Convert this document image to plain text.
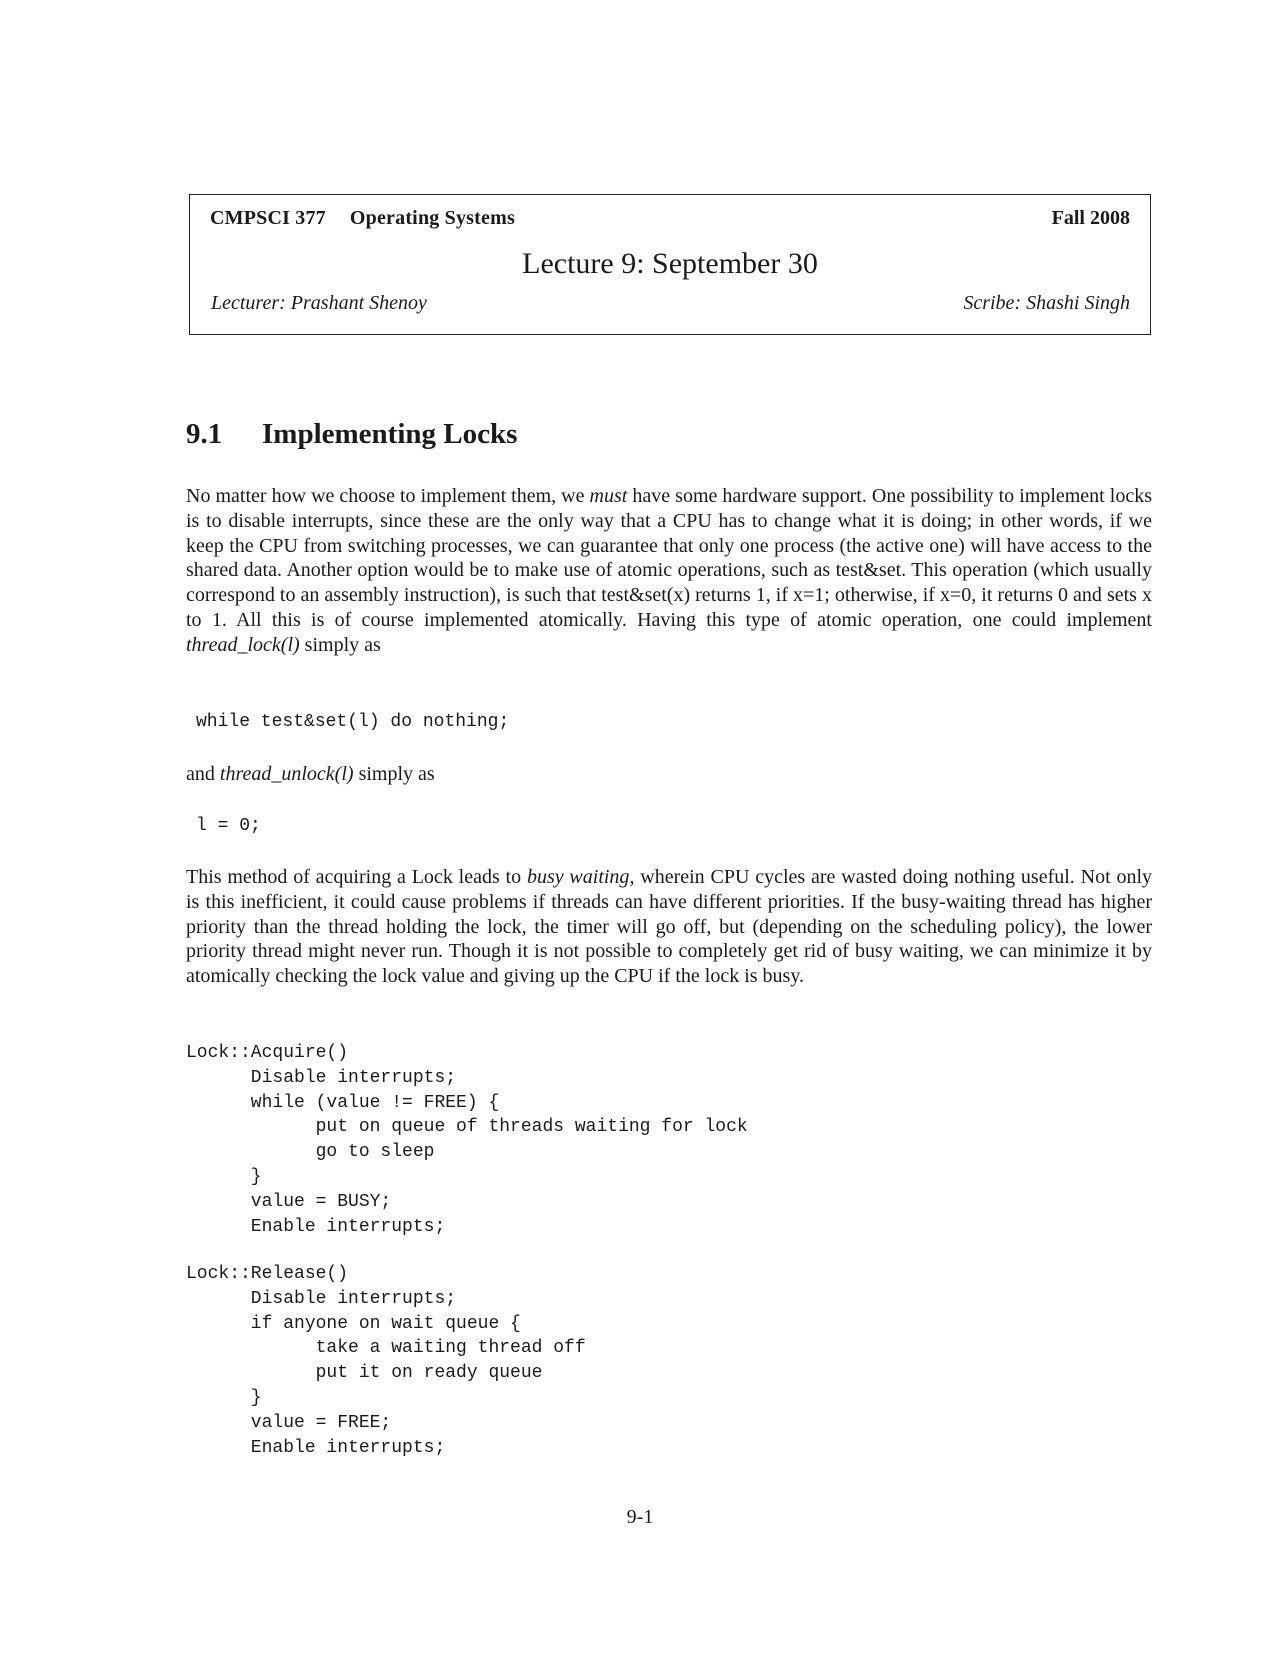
CMPSCI 377 Operating Systems	Fall 2008
Lecture 9: September 30
Lecturer: Prashant Shenoy	Scribe: Shashi Singh
9.1 Implementing Locks

No matter how we choose to implement them, we must have some hardware support. One possibility to implement locks is to disable interrupts, since these are the only way that a CPU has to change what it is doing; in other words, if we keep the CPU from switching processes, we can guarantee that only one process (the active one) will have access to the shared data. Another option would be to make use of atomic operations, such as test&set. This operation (which usually correspond to an assembly instruction), is such that test&set(x) returns 1, if x=1; otherwise, if x=0, it returns 0 and sets x to 1. All this is of course implemented atomically. Having this type of atomic operation, one could implement thread_lock(l) simply as

while test&set(l) do nothing;
and thread_unlock(l) simply as
l = 0;

This method of acquiring a Lock leads to busy waiting, wherein CPU cycles are wasted doing nothing useful. Not only is this inefficient, it could cause problems if threads can have different priorities. If the busy-waiting thread has higher priority than the thread holding the lock, the timer will go off, but (depending on the scheduling policy), the lower priority thread might never run. Though it is not possible to completely get rid of busy waiting, we can minimize it by atomically checking the lock value and giving up the CPU if the lock is busy.

Lock::Acquire()
Disable interrupts;
while (value != FREE) {
put on queue of threads waiting for lock
go to sleep
}
value = BUSY;
Enable interrupts;
Lock::Release()
Disable interrupts;
if anyone on wait queue {
take a waiting thread off
put it on ready queue
}
value = FREE;
Enable interrupts;
9-1
